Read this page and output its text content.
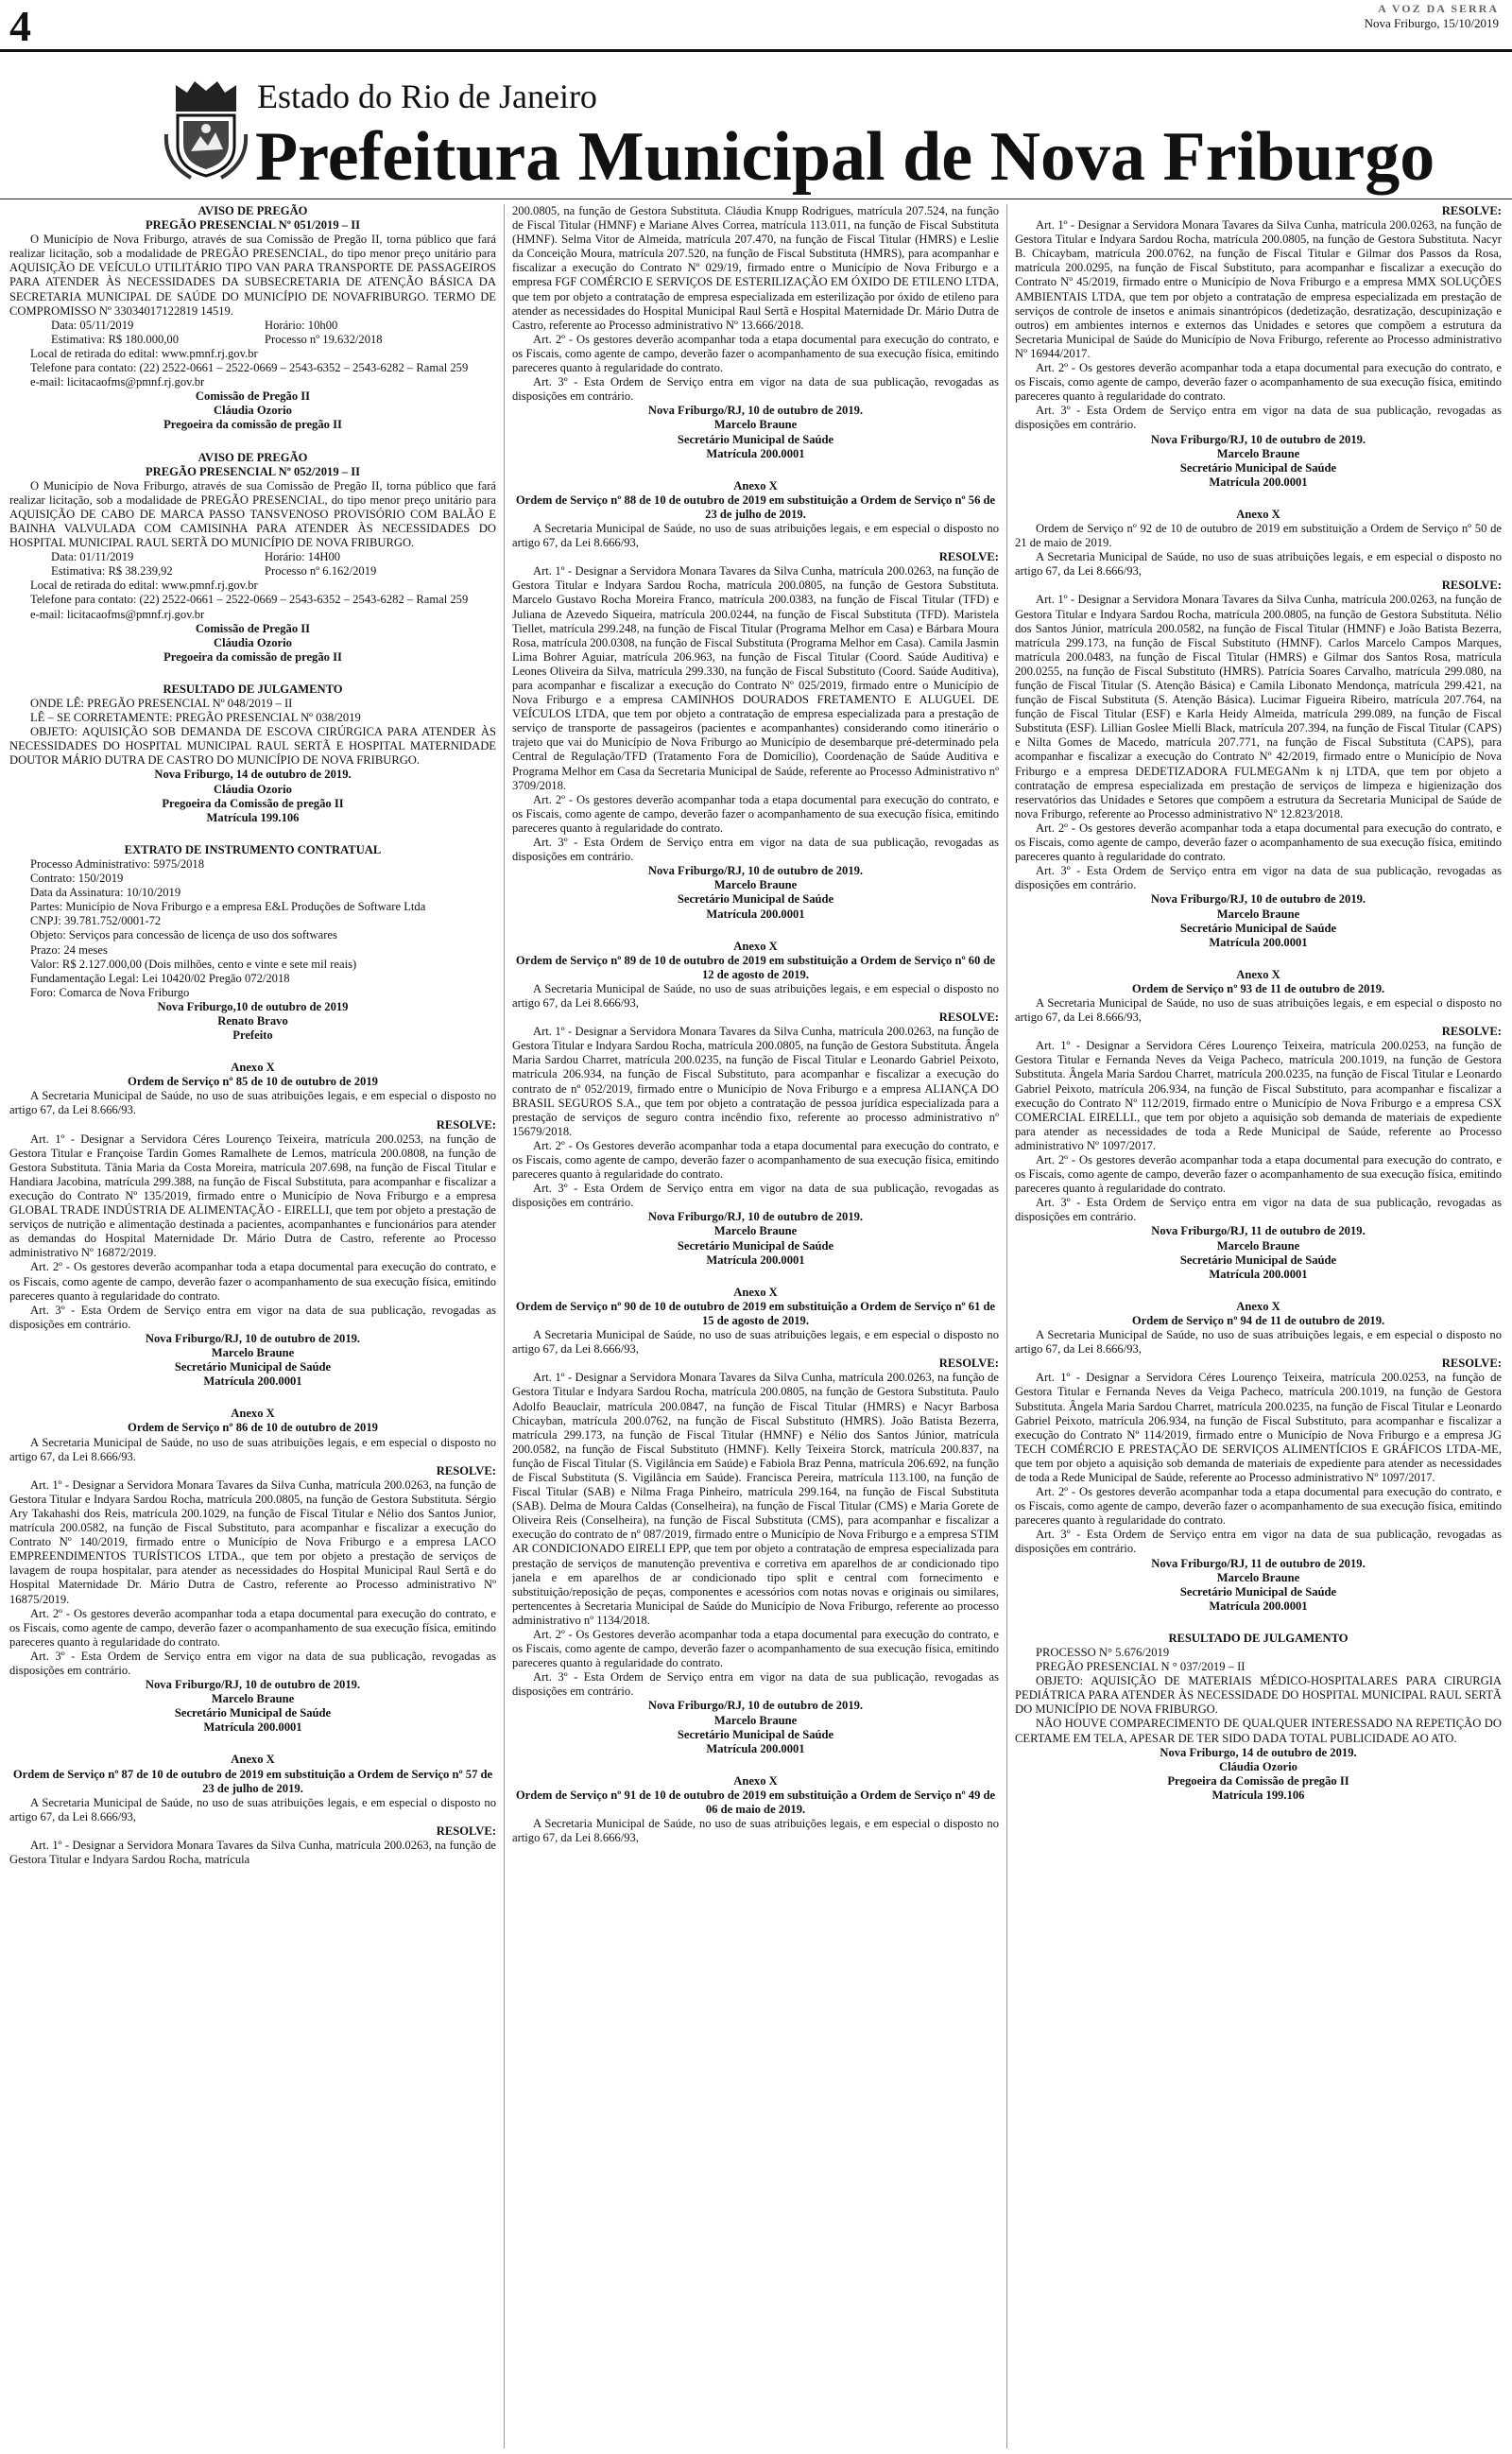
4	A VOZ DA SERRA
Nova Friburgo, 15/10/2019
Estado do Rio de Janeiro
Prefeitura Municipal de Nova Friburgo

AVISO DE PREGÃO

PREGÃO PRESENCIAL Nº 051/2019 – II

O Município de Nova Friburgo, através de sua Comissão de Pregão II, torna público que fará realizar licitação, sob a modalidade de PREGÃO PRESENCIAL, do tipo menor preço unitário para AQUISIÇÃO DE VEÍCULO UTILITÁRIO TIPO VAN PARA TRANSPORTE DE PASSAGEIROS PARA ATENDER ÀS NECESSIDADES DA SUBSECRETARIA DE ATENÇÃO BÁSICA DA SECRETARIA MUNICIPAL DE SAÚDE DO MUNICÍPIO DE NOVAFRIBURGO. TERMO DE COMPROMISSO Nº 33034017122819 14519.

Data: 05/11/2019	Horário: 10h00

Estimativa: R$ 180.000,00	Processo nº 19.632/2018

Local de retirada do edital: www.pmnf.rj.gov.br

Telefone para contato: (22) 2522-0661 – 2522-0669 – 2543-6352 – 2543-6282 – Ramal 259

e-mail: licitacaofms@pmnf.rj.gov.br

Comissão de Pregão II

Cláudia Ozorio

Pregoeira da comissão de pregão II

AVISO DE PREGÃO

PREGÃO PRESENCIAL Nº 052/2019 – II

O Município de Nova Friburgo, através de sua Comissão de Pregão II, torna público que fará realizar licitação, sob a modalidade de PREGÃO PRESENCIAL, do tipo menor preço unitário para AQUISIÇÃO DE CABO DE MARCA PASSO TANSVENOSO PROVISÓRIO COM BALÃO E BAINHA VALVULADA COM CAMISINHA PARA ATENDER ÀS NECESSIDADES DO HOSPITAL MUNICIPAL RAUL SERTÃ DO MUNICÍPIO DE NOVA FRIBURGO.

Data: 01/11/2019	Horário: 14H00

Estimativa: R$ 38.239,92	Processo nº 6.162/2019

Local de retirada do edital: www.pmnf.rj.gov.br

Telefone para contato: (22) 2522-0661 – 2522-0669 – 2543-6352 – 2543-6282 – Ramal 259

e-mail: licitacaofms@pmnf.rj.gov.br

Comissão de Pregão II

Cláudia Ozorio

Pregoeira da comissão de pregão II

RESULTADO DE JULGAMENTO

ONDE LÊ: PREGÃO PRESENCIAL Nº 048/2019 – II

LÊ – SE CORRETAMENTE: PREGÃO PRESENCIAL Nº 038/2019

OBJETO: AQUISIÇÃO SOB DEMANDA DE ESCOVA CIRÚRGICA PARA ATENDER ÀS NECESSIDADES DO HOSPITAL MUNICIPAL RAUL SERTÃ E HOSPITAL MATERNIDADE DOUTOR MÁRIO DUTRA DE CASTRO DO MUNICÍPIO DE NOVA FRIBURGO.

Nova Friburgo, 14 de outubro de 2019.

Cláudia Ozorio

Pregoeira da Comissão de pregão II

Matrícula 199.106

EXTRATO DE INSTRUMENTO CONTRATUAL

Processo Administrativo: 5975/2018

Contrato: 150/2019

Data da Assinatura: 10/10/2019

Partes: Município de Nova Friburgo e a empresa E&L Produções de Software Ltda

CNPJ: 39.781.752/0001-72

Objeto: Serviços para concessão de licença de uso dos softwares

Prazo: 24 meses

Valor: R$ 2.127.000,00 (Dois milhões, cento e vinte e sete mil reais)

Fundamentação Legal: Lei 10420/02 Pregão 072/2018

Foro: Comarca de Nova Friburgo

Nova Friburgo,10 de outubro de 2019

Renato Bravo

Prefeito

Anexo X

Ordem de Serviço nº 85 de 10 de outubro de 2019

A Secretaria Municipal de Saúde, no uso de suas atribuições legais, e em especial o disposto no artigo 67, da Lei 8.666/93.

RESOLVE:

Art. 1º - Designar a Servidora Céres Lourenço Teixeira, matrícula 200.0253, na função de Gestora Titular e Françoise Tardin Gomes Ramalhete de Lemos, matrícula 200.0808, na função de Gestora Substituta. Tânia Maria da Costa Moreira, matrícula 207.698, na função de Fiscal Titular e Handiara Jacobina, matrícula 299.388, na função de Fiscal Substituta, para acompanhar e fiscalizar a execução do Contrato Nº 135/2019, firmado entre o Município de Nova Friburgo e a empresa GLOBAL TRADE INDÚSTRIA DE ALIMENTAÇÃO - EIRELLI, que tem por objeto a prestação de serviços de nutrição e alimentação destinada a pacientes, acompanhantes e funcionários para atender as demandas do Hospital Maternidade Dr. Mário Dutra de Castro, referente ao Processo administrativo Nº 16872/2019.

Art. 2º - Os gestores deverão acompanhar toda a etapa documental para execução do contrato, e os Fiscais, como agente de campo, deverão fazer o acompanhamento de sua execução física, emitindo pareceres quanto à regularidade do contrato.

Art. 3º - Esta Ordem de Serviço entra em vigor na data de sua publicação, revogadas as disposições em contrário.

Nova Friburgo/RJ, 10 de outubro de 2019.

Marcelo Braune

Secretário Municipal de Saúde

Matrícula 200.0001

Anexo X

Ordem de Serviço nº 86 de 10 de outubro de 2019

A Secretaria Municipal de Saúde, no uso de suas atribuições legais, e em especial o disposto no artigo 67, da Lei 8.666/93.

RESOLVE:

Art. 1º - Designar a Servidora Monara Tavares da Silva Cunha, matrícula 200.0263, na função de Gestora Titular e Indyara Sardou Rocha, matrícula 200.0805, na função de Gestora Substituta. Sérgio Ary Takahashi dos Reis, matrícula 200.1029, na função de Fiscal Titular e Nélio dos Santos Junior, matrícula 200.0582, na função de Fiscal Substituto, para acompanhar e fiscalizar a execução do Contrato Nº 140/2019, firmado entre o Município de Nova Friburgo e a empresa LACO EMPREENDIMENTOS TURÍSTICOS LTDA., que tem por objeto a prestação de serviços de lavagem de roupa hospitalar, para atender as necessidades do Hospital Municipal Raul Sertã e do Hospital Maternidade Dr. Mário Dutra de Castro, referente ao Processo administrativo Nº 16875/2019.

Art. 2º - Os gestores deverão acompanhar toda a etapa documental para execução do contrato, e os Fiscais, como agente de campo, deverão fazer o acompanhamento de sua execução física, emitindo pareceres quanto à regularidade do contrato.

Art. 3º - Esta Ordem de Serviço entra em vigor na data de sua publicação, revogadas as disposições em contrário.

Nova Friburgo/RJ, 10 de outubro de 2019.

Marcelo Braune

Secretário Municipal de Saúde

Matrícula 200.0001

Anexo X

Ordem de Serviço nº 87 de 10 de outubro de 2019 em substituição a Ordem de Serviço nº 57 de 23 de julho de 2019.

A Secretaria Municipal de Saúde, no uso de suas atribuições legais, e em especial o disposto no artigo 67, da Lei 8.666/93,

RESOLVE:

Art. 1º - Designar a Servidora Monara Tavares da Silva Cunha, matrícula 200.0263, na função de Gestora Titular e Indyara Sardou Rocha, matrícula

200.0805, na função de Gestora Substituta. Cláudia Knupp Rodrigues, matrícula 207.524, na função de Fiscal Titular (HMNF) e Mariane Alves Correa, matrícula 113.011, na função de Fiscal Substituta (HMNF). Selma Vitor de Almeida, matrícula 207.470, na função de Fiscal Titular (HMRS) e Leslie da Conceição Moura, matrícula 207.520, na função de Fiscal Substituta (HMRS), para acompanhar e fiscalizar a execução do Contrato Nº 029/19, firmado entre o Município de Nova Friburgo e a empresa FGF COMÉRCIO E SERVIÇOS DE ESTERILIZAÇÃO EM ÓXIDO DE ETILENO LTDA, que tem por objeto a contratação de empresa especializada em esterilização por óxido de etileno para atender as necessidades do Hospital Municipal Raul Sertã e Hospital Maternidade Dr. Mário Dutra de Castro, referente ao Processo administrativo Nº 13.666/2018.

Art. 2º - Os gestores deverão acompanhar toda a etapa documental para execução do contrato, e os Fiscais, como agente de campo, deverão fazer o acompanhamento de sua execução física, emitindo pareceres quanto à regularidade do contrato.

Art. 3º - Esta Ordem de Serviço entra em vigor na data de sua publicação, revogadas as disposições em contrário.

Nova Friburgo/RJ, 10 de outubro de 2019.

Marcelo Braune

Secretário Municipal de Saúde

Matrícula 200.0001

Anexo X

Ordem de Serviço nº 88 de 10 de outubro de 2019 em substituição a Ordem de Serviço nº 56 de 23 de julho de 2019.

A Secretaria Municipal de Saúde, no uso de suas atribuições legais, e em especial o disposto no artigo 67, da Lei 8.666/93,

RESOLVE:

Art. 1º - Designar a Servidora Monara Tavares da Silva Cunha, matrícula 200.0263, na função de Gestora Titular e Indyara Sardou Rocha, matrícula 200.0805, na função de Gestora Substituta. Marcelo Gustavo Rocha Moreira Franco, matrícula 200.0383, na função de Fiscal Titular (TFD) e Juliana de Azevedo Siqueira, matrícula 200.0244, na função de Fiscal Substituta (TFD). Maristela Tiellet, matrícula 299.248, na função de Fiscal Titular (Programa Melhor em Casa) e Bárbara Moura Rosa, matrícula 200.0308, na função de Fiscal Substituta (Programa Melhor em Casa). Camila Jasmin Lima Bohrer Aguiar, matrícula 206.963, na função de Fiscal Titular (Coord. Saúde Auditiva) e Leones Oliveira da Silva, matrícula 299.330, na função de Fiscal Substituto (Coord. Saúde Auditiva), para acompanhar e fiscalizar a execução do Contrato Nº 025/2019, firmado entre o Município de Nova Friburgo e a empresa CAMINHOS DOURADOS FRETAMENTO E ALUGUEL DE VEÍCULOS LTDA, que tem por objeto a contratação de empresa especializada para a prestação de serviço de transporte de passageiros (pacientes e acompanhantes) considerando como itinerário o trajeto que vai do Município de Nova Friburgo ao Município de desembarque pré-determinado pela Central de Regulação/TFD (Tratamento Fora de Domicílio), Coordenação de Saúde Auditiva e Programa Melhor em Casa da Secretaria Municipal de Saúde, referente ao Processo Administrativo nº 3709/2018.

Art. 2º - Os gestores deverão acompanhar toda a etapa documental para execução do contrato, e os Fiscais, como agente de campo, deverão fazer o acompanhamento de sua execução física, emitindo pareceres quanto à regularidade do contrato.

Art. 3º - Esta Ordem de Serviço entra em vigor na data de sua publicação, revogadas as disposições em contrário.

Nova Friburgo/RJ, 10 de outubro de 2019.

Marcelo Braune

Secretário Municipal de Saúde

Matrícula 200.0001

Anexo X

Ordem de Serviço nº 89 de 10 de outubro de 2019 em substituição a Ordem de Serviço nº 60 de 12 de agosto de 2019.

A Secretaria Municipal de Saúde, no uso de suas atribuições legais, e em especial o disposto no artigo 67, da Lei 8.666/93,

RESOLVE:

Art. 1º - Designar a Servidora Monara Tavares da Silva Cunha, matrícula 200.0263, na função de Gestora Titular e Indyara Sardou Rocha, matrícula 200.0805, na função de Gestora Substituta. Ângela Maria Sardou Charret, matrícula 200.0235, na função de Fiscal Titular e Leonardo Gabriel Peixoto, matrícula 206.934, na função de Fiscal Substituto, para acompanhar e fiscalizar a execução do contrato de nº 052/2019, firmado entre o Município de Nova Friburgo e a empresa ALIANÇA DO BRASIL SEGUROS S.A., que tem por objeto a contratação de pessoa jurídica especializada para a prestação de serviços de seguro contra incêndio fixo, referente ao processo administrativo nº 15679/2018.

Art. 2º - Os Gestores deverão acompanhar toda a etapa documental para execução do contrato, e os Fiscais, como agente de campo, deverão fazer o acompanhamento de sua execução física, emitindo pareceres quanto à regularidade do contrato.

Art. 3º - Esta Ordem de Serviço entra em vigor na data de sua publicação, revogadas as disposições em contrário.

Nova Friburgo/RJ, 10 de outubro de 2019.

Marcelo Braune

Secretário Municipal de Saúde

Matrícula 200.0001

Anexo X

Ordem de Serviço nº 90 de 10 de outubro de 2019 em substituição a Ordem de Serviço nº 61 de 15 de agosto de 2019.

A Secretaria Municipal de Saúde, no uso de suas atribuições legais, e em especial o disposto no artigo 67, da Lei 8.666/93,

RESOLVE:

Art. 1º - Designar a Servidora Monara Tavares da Silva Cunha, matrícula 200.0263, na função de Gestora Titular e Indyara Sardou Rocha, matrícula 200.0805, na função de Gestora Substituta. Paulo Adolfo Beauclair, matrícula 200.0847, na função de Fiscal Titular (HMRS) e Nacyr Barbosa Chicayban, matrícula 200.0762, na função de Fiscal Substituto (HMRS). João Batista Bezerra, matrícula 299.173, na função de Fiscal Titular (HMNF) e Nélio dos Santos Júnior, matrícula 200.0582, na função de Fiscal Substituto (HMNF). Kelly Teixeira Storck, matrícula 200.837, na função de Fiscal Titular (S. Vigilância em Saúde) e Fabiola Braz Penna, matrícula 206.692, na função de Fiscal Substituta (S. Vigilância em Saúde). Francisca Pereira, matrícula 113.100, na função de Fiscal Titular (SAB) e Nilma Fraga Pinheiro, matrícula 299.164, na função de Fiscal Substituta (SAB). Delma de Moura Caldas (Conselheira), na função de Fiscal Titular (CMS) e Maria Gorete de Oliveira Reis (Conselheira), na função de Fiscal Substituta (CMS), para acompanhar e fiscalizar a execução do contrato de nº 087/2019, firmado entre o Município de Nova Friburgo e a empresa STIM AR CONDICIONADO EIRELI EPP, que tem por objeto a contratação de empresa especializada para prestação de serviços de manutenção preventiva e corretiva em aparelhos de ar condicionado tipo janela e em aparelhos de ar condicionado tipo split e central com fornecimento e substituição/reposição de peças, componentes e acessórios com notas novas e originais ou similares, pertencentes à Secretaria Municipal de Saúde do Município de Nova Friburgo, referente ao processo administrativo nº 1134/2018.

Art. 2º - Os Gestores deverão acompanhar toda a etapa documental para execução do contrato, e os Fiscais, como agente de campo, deverão fazer o acompanhamento de sua execução física, emitindo pareceres quanto à regularidade do contrato.

Art. 3º - Esta Ordem de Serviço entra em vigor na data de sua publicação, revogadas as disposições em contrário.

Nova Friburgo/RJ, 10 de outubro de 2019.

Marcelo Braune

Secretário Municipal de Saúde

Matrícula 200.0001

Anexo X

Ordem de Serviço nº 91 de 10 de outubro de 2019 em substituição a Ordem de Serviço nº 49 de 06 de maio de 2019.

A Secretaria Municipal de Saúde, no uso de suas atribuições legais, e em especial o disposto no artigo 67, da Lei 8.666/93,

RESOLVE:

Art. 1º - Designar a Servidora Monara Tavares da Silva Cunha, matrícula 200.0263, na função de Gestora Titular e Indyara Sardou Rocha, matrícula 200.0805, na função de Gestora Substituta. Nacyr B. Chicaybam, matrícula 200.0762, na função de Fiscal Titular e Gilmar dos Passos da Rosa, matrícula 200.0295, na função de Fiscal Substituto, para acompanhar e fiscalizar a execução do Contrato Nº 45/2019, firmado entre o Município de Nova Friburgo e a empresa MMX SOLUÇÕES AMBIENTAIS LTDA, que tem por objeto a contratação de empresa especializada em prestação de serviços de controle de insetos e animais sinantrópicos (dedetização, desratização, descupinização e outros) em ambientes internos e externos das Unidades e setores que compõem a estrutura da Secretaria Municipal de Saúde do Município de Nova Friburgo, referente ao Processo administrativo Nº 16944/2017.

Art. 2º - Os gestores deverão acompanhar toda a etapa documental para execução do contrato, e os Fiscais, como agente de campo, deverão fazer o acompanhamento de sua execução física, emitindo pareceres quanto à regularidade do contrato.

Art. 3º - Esta Ordem de Serviço entra em vigor na data de sua publicação, revogadas as disposições em contrário.

Nova Friburgo/RJ, 10 de outubro de 2019.

Marcelo Braune

Secretário Municipal de Saúde

Matrícula 200.0001

Anexo X

Ordem de Serviço nº 92 de 10 de outubro de 2019 em substituição a Ordem de Serviço nº 50 de 21 de maio de 2019.

A Secretaria Municipal de Saúde, no uso de suas atribuições legais, e em especial o disposto no artigo 67, da Lei 8.666/93,

RESOLVE:

Art. 1º - Designar a Servidora Monara Tavares da Silva Cunha, matrícula 200.0263, na função de Gestora Titular e Indyara Sardou Rocha, matrícula 200.0805, na função de Gestora Substituta. Nélio dos Santos Júnior, matrícula 200.0582, na função de Fiscal Titular (HMNF) e João Batista Bezerra, matrícula 299.173, na função de Fiscal Substituto (HMNF). Carlos Marcelo Campos Marques, matrícula 200.0483, na função de Fiscal Titular (HMRS) e Gilmar dos Santos Rosa, matrícula 200.0255, na função de Fiscal Substituto (HMRS). Patrícia Soares Carvalho, matrícula 299.080, na função de Fiscal Titular (S. Atenção Básica) e Camila Libonato Mendonça, matrícula 299.421, na função de Fiscal Substituta (S. Atenção Básica). Lucimar Figueira Ribeiro, matrícula 207.764, na função de Fiscal Titular (ESF) e Karla Heidy Almeida, matrícula 299.089, na função de Fiscal Substituta (ESF). Lillian Goslee Mielli Black, matrícula 207.394, na função de Fiscal Titular (CAPS) e Nilta Gomes de Macedo, matrícula 207.771, na função de Fiscal Substituta (CAPS), para acompanhar e fiscalizar a execução do Contrato Nº 42/2019, firmado entre o Município de Nova Friburgo e a empresa DEDETIZADORA FULMEGANm k nj LTDA, que tem por objeto a contratação de empresa especializada em prestação de serviços de limpeza e higienização dos reservatórios das Unidades e Setores que compõem a estrutura da Secretaria Municipal de Saúde de nova Friburgo, referente ao Processo administrativo Nº 12.823/2018.

Art. 2º - Os gestores deverão acompanhar toda a etapa documental para execução do contrato, e os Fiscais, como agente de campo, deverão fazer o acompanhamento de sua execução física, emitindo pareceres quanto à regularidade do contrato.

Art. 3º - Esta Ordem de Serviço entra em vigor na data de sua publicação, revogadas as disposições em contrário.

Nova Friburgo/RJ, 10 de outubro de 2019.

Marcelo Braune

Secretário Municipal de Saúde

Matrícula 200.0001

Anexo X

Ordem de Serviço nº 93 de 11 de outubro de 2019.

A Secretaria Municipal de Saúde, no uso de suas atribuições legais, e em especial o disposto no artigo 67, da Lei 8.666/93,

RESOLVE:

Art. 1º - Designar a Servidora Céres Lourenço Teixeira, matrícula 200.0253, na função de Gestora Titular e Fernanda Neves da Veiga Pacheco, matrícula 200.1019, na função de Gestora Substituta. Ângela Maria Sardou Charret, matrícula 200.0235, na função de Fiscal Titular e Leonardo Gabriel Peixoto, matrícula 206.934, na função de Fiscal Substituto, para acompanhar e fiscalizar a execução do Contrato Nº 112/2019, firmado entre o Município de Nova Friburgo e a empresa CSX COMERCIAL EIRELLI., que tem por objeto a aquisição sob demanda de materiais de expediente para atender as necessidades de toda a Rede Municipal de Saúde, referente ao Processo administrativo Nº 1097/2017.

Art. 2º - Os gestores deverão acompanhar toda a etapa documental para execução do contrato, e os Fiscais, como agente de campo, deverão fazer o acompanhamento de sua execução física, emitindo pareceres quanto à regularidade do contrato.

Art. 3º - Esta Ordem de Serviço entra em vigor na data de sua publicação, revogadas as disposições em contrário.

Nova Friburgo/RJ, 11 de outubro de 2019.

Marcelo Braune

Secretário Municipal de Saúde

Matrícula 200.0001

Anexo X

Ordem de Serviço nº 94 de 11 de outubro de 2019.

A Secretaria Municipal de Saúde, no uso de suas atribuições legais, e em especial o disposto no artigo 67, da Lei 8.666/93,

RESOLVE:

Art. 1º - Designar a Servidora Céres Lourenço Teixeira, matrícula 200.0253, na função de Gestora Titular e Fernanda Neves da Veiga Pacheco, matrícula 200.1019, na função de Gestora Substituta. Ângela Maria Sardou Charret, matrícula 200.0235, na função de Fiscal Titular e Leonardo Gabriel Peixoto, matrícula 206.934, na função de Fiscal Substituto, para acompanhar e fiscalizar a execução do Contrato Nº 114/2019, firmado entre o Município de Nova Friburgo e a empresa JG TECH COMÉRCIO E PRESTAÇÃO DE SERVIÇOS ALIMENTÍCIOS E GRÁFICOS LTDA-ME, que tem por objeto a aquisição sob demanda de materiais de expediente para atender as necessidades de toda a Rede Municipal de Saúde, referente ao Processo administrativo Nº 1097/2017.

Art. 2º - Os gestores deverão acompanhar toda a etapa documental para execução do contrato, e os Fiscais, como agente de campo, deverão fazer o acompanhamento de sua execução física, emitindo pareceres quanto à regularidade do contrato.

Art. 3º - Esta Ordem de Serviço entra em vigor na data de sua publicação, revogadas as disposições em contrário.

Nova Friburgo/RJ, 11 de outubro de 2019.

Marcelo Braune

Secretário Municipal de Saúde

Matrícula 200.0001

RESULTADO DE JULGAMENTO

PROCESSO N° 5.676/2019

PREGÃO PRESENCIAL N ° 037/2019 – II

OBJETO: AQUISIÇÃO DE MATERIAIS MÉDICO-HOSPITALARES PARA CIRURGIA PEDIÁTRICA PARA ATENDER ÀS NECESSIDADE DO HOSPITAL MUNICIPAL RAUL SERTÃ DO MUNICÍPIO DE NOVA FRIBURGO.

NÃO HOUVE COMPARECIMENTO DE QUALQUER INTERESSADO NA REPETIÇÃO DO CERTAME EM TELA, APESAR DE TER SIDO DADA TOTAL PUBLICIDADE AO ATO.

Nova Friburgo, 14 de outubro de 2019.

Cláudia Ozorio

Pregoeira da Comissão de pregão II

Matrícula 199.106
